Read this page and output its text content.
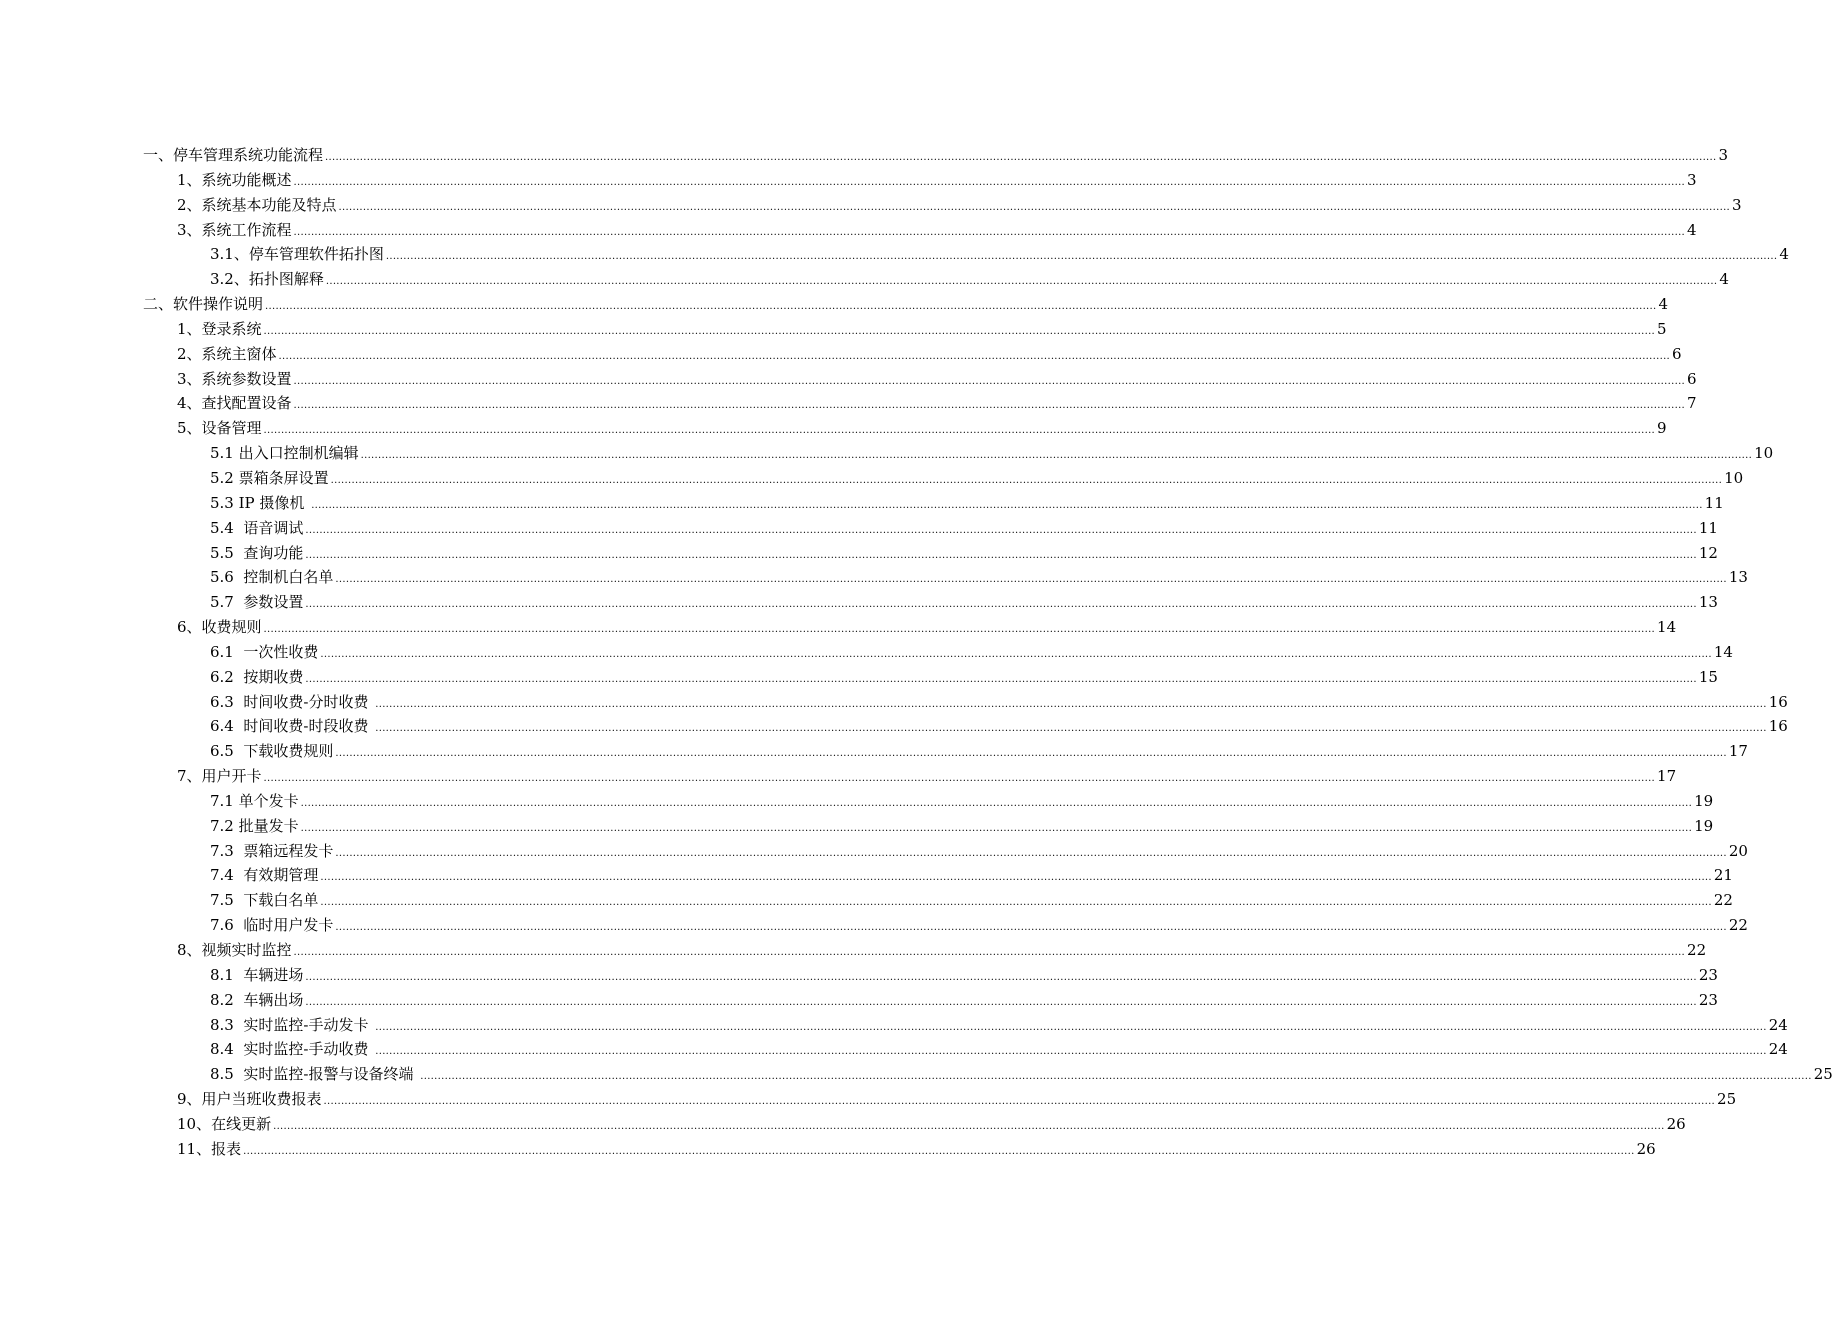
一、停车管理系统功能流程 ................................................................................................................................................................................................................................................................................................................................................................................................................ 3
1、系统功能概述 ................................................................................................................................................................................................................................................................................................................................................................................................................ 3
2、系统基本功能及特点 ................................................................................................................................................................................................................................................................................................................................................................................................................ 3
3、系统工作流程 ................................................................................................................................................................................................................................................................................................................................................................................................................ 4
3.1、停车管理软件拓扑图 ................................................................................................................................................................................................................................................................................................................................................................................................................ 4
3.2、拓扑图解释 ................................................................................................................................................................................................................................................................................................................................................................................................................ 4
二、软件操作说明 ................................................................................................................................................................................................................................................................................................................................................................................................................ 4
1、登录系统 ................................................................................................................................................................................................................................................................................................................................................................................................................ 5
2、系统主窗体 ................................................................................................................................................................................................................................................................................................................................................................................................................ 6
3、系统参数设置 ................................................................................................................................................................................................................................................................................................................................................................................................................ 6
4、查找配置设备 ................................................................................................................................................................................................................................................................................................................................................................................................................ 7
5、设备管理 ................................................................................................................................................................................................................................................................................................................................................................................................................ 9
5.1 出入口控制机编辑 ................................................................................................................................................................................................................................................................................................................................................................................................................ 10
5.2 票箱条屏设置 ................................................................................................................................................................................................................................................................................................................................................................................................................ 10
5.3 IP 摄像机 ................................................................................................................................................................................................................................................................................................................................................................................................................ 11
5.4  语音调试 ................................................................................................................................................................................................................................................................................................................................................................................................................ 11
5.5  查询功能 ................................................................................................................................................................................................................................................................................................................................................................................................................ 12
5.6  控制机白名单 ................................................................................................................................................................................................................................................................................................................................................................................................................ 13
5.7  参数设置 ................................................................................................................................................................................................................................................................................................................................................................................................................ 13
6、收费规则 ................................................................................................................................................................................................................................................................................................................................................................................................................ 14
6.1  一次性收费 ................................................................................................................................................................................................................................................................................................................................................................................................................ 14
6.2  按期收费 ................................................................................................................................................................................................................................................................................................................................................................................................................ 15
6.3  时间收费-分时收费 ................................................................................................................................................................................................................................................................................................................................................................................................................ 16
6.4  时间收费-时段收费 ................................................................................................................................................................................................................................................................................................................................................................................................................ 16
6.5  下载收费规则 ................................................................................................................................................................................................................................................................................................................................................................................................................ 17
7、用户开卡 ................................................................................................................................................................................................................................................................................................................................................................................................................ 17
7.1 单个发卡 ................................................................................................................................................................................................................................................................................................................................................................................................................ 19
7.2 批量发卡 ................................................................................................................................................................................................................................................................................................................................................................................................................ 19
7.3  票箱远程发卡 ................................................................................................................................................................................................................................................................................................................................................................................................................ 20
7.4  有效期管理 ................................................................................................................................................................................................................................................................................................................................................................................................................ 21
7.5  下载白名单 ................................................................................................................................................................................................................................................................................................................................................................................................................ 22
7.6  临时用户发卡 ................................................................................................................................................................................................................................................................................................................................................................................................................ 22
8、视频实时监控 ................................................................................................................................................................................................................................................................................................................................................................................................................ 22
8.1  车辆进场 ................................................................................................................................................................................................................................................................................................................................................................................................................ 23
8.2  车辆出场 ................................................................................................................................................................................................................................................................................................................................................................................................................ 23
8.3  实时监控-手动发卡 ................................................................................................................................................................................................................................................................................................................................................................................................................ 24
8.4  实时监控-手动收费 ................................................................................................................................................................................................................................................................................................................................................................................................................ 24
8.5  实时监控-报警与设备终端 ................................................................................................................................................................................................................................................................................................................................................................................................................ 25
9、用户当班收费报表 ................................................................................................................................................................................................................................................................................................................................................................................................................ 25
10、在线更新 ................................................................................................................................................................................................................................................................................................................................................................................................................ 26
11、报表 ................................................................................................................................................................................................................................................................................................................................................................................................................ 26
